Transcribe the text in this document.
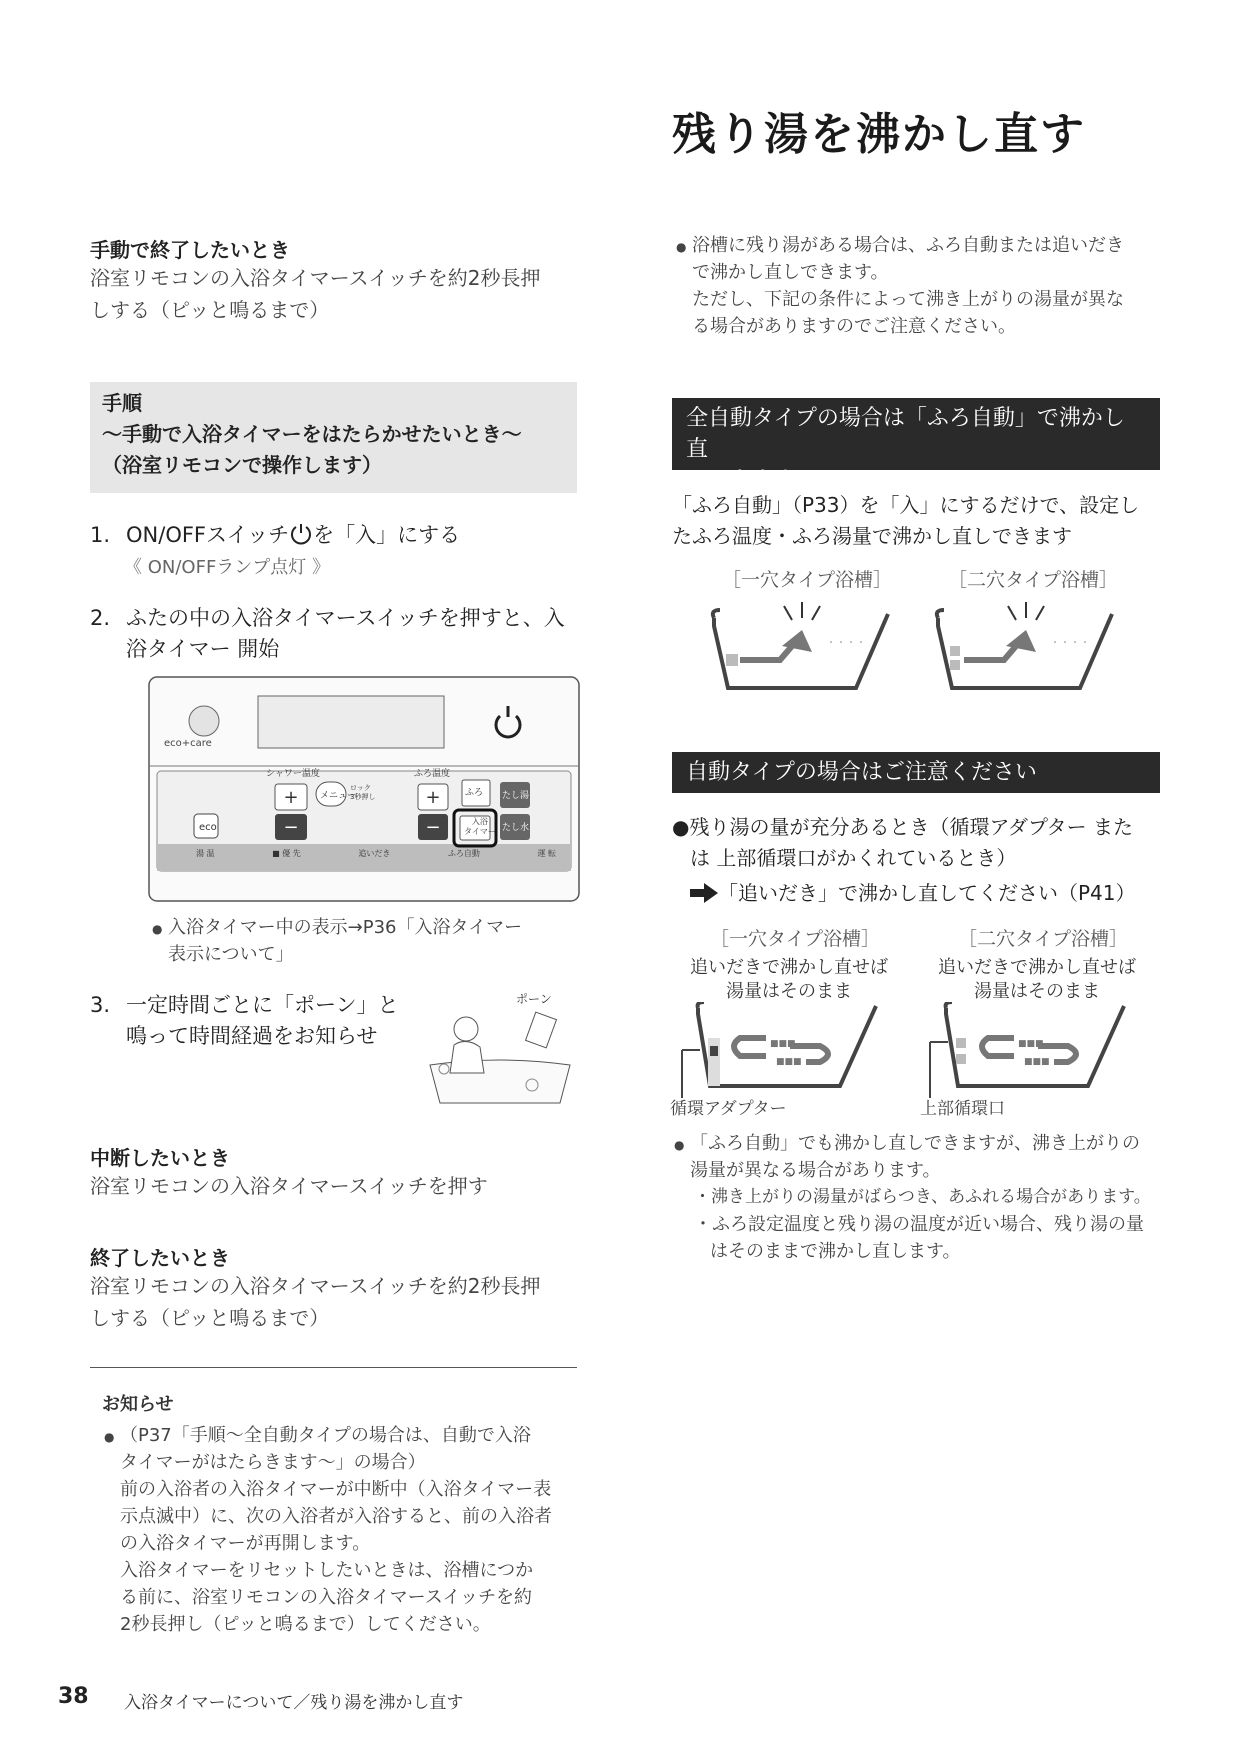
残り湯を沸かし直す
手動で終了したいとき
浴室リモコンの入浴タイマースイッチを約2秒長押
しする（ピッと鳴るまで）
手順
～手動で入浴タイマーをはたらかせたいとき～
（浴室リモコンで操作します）
1. ON/OFFスイッチ を「入」にする
《 ON/OFFランプ点灯 》
2. ふたの中の入浴タイマースイッチを押すと、入
浴タイマー 開始
+
−
+
−
eco+care
シャワー温度	ふろ温度
メニュー
ロック
3秒押し	ふろ たし湯
たし水
入浴
タイマー
eco
湯 温	■ 優 先	追いだき	ふろ自動	運 転
● 入浴タイマー中の表示→P36「入浴タイマー
表示について」
3. 一定時間ごとに「ポーン」と
鳴って時間経過をお知らせ
ポーン
中断したいとき
浴室リモコンの入浴タイマースイッチを押す
終了したいとき
浴室リモコンの入浴タイマースイッチを約2秒長押
しする（ピッと鳴るまで）
お知らせ
● （P37「手順～全自動タイプの場合は、自動で入浴
タイマーがはたらきます～」の場合）
前の入浴者の入浴タイマーが中断中（入浴タイマー表
示点滅中）に、次の入浴者が入浴すると、前の入浴者
の入浴タイマーが再開します。
入浴タイマーをリセットしたいときは、浴槽につか
る前に、浴室リモコンの入浴タイマースイッチを約
2秒長押し（ピッと鳴るまで）してください。
● 浴槽に残り湯がある場合は、ふろ自動または追いだき
で沸かし直しできます。
ただし、下記の条件によって沸き上がりの湯量が異な
る場合がありますのでご注意ください。
全自動タイプの場合は「ふろ自動」で沸かし直
しできます
「ふろ自動」（P33）を「入」にするだけで、設定し
たふろ温度・ふろ湯量で沸かし直しできます
［一穴タイプ浴槽］	［二穴タイプ浴槽］
・・・・	・・・・
自動タイプの場合はご注意ください
●残り湯の量が充分あるとき（循環アダプター また
は 上部循環口がかくれているとき）
「追いだき」で沸かし直してください（P41）
［一穴タイプ浴槽］	［二穴タイプ浴槽］
追いだきで沸かし直せば
湯量はそのまま
追いだきで沸かし直せば
湯量はそのまま
■■■
■■■
■■■
■■■
循環アダプター	上部循環口
● 「ふろ自動」でも沸かし直しできますが、沸き上がりの
湯量が異なる場合があります。
・沸き上がりの湯量がばらつき、あふれる場合があります。
・ふろ設定温度と残り湯の温度が近い場合、残り湯の量
はそのままで沸かし直します。
38 入浴タイマーについて／残り湯を沸かし直す
